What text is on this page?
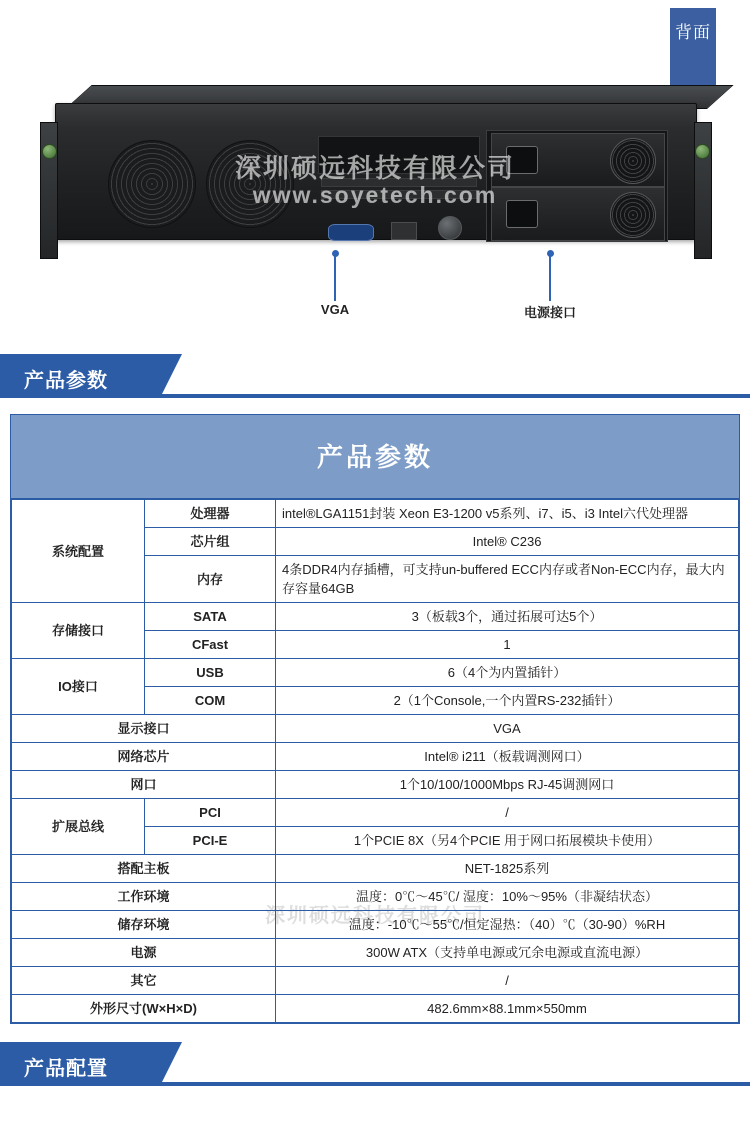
背面
深圳硕远科技有限公司
www.soyetech.com
VGA	电源接口
产品参数
产品参数
深圳硕远科技有限公司
系统配置	处理器	intel®LGA1151封装 Xeon E3-1200 v5系列、i7、i5、i3 Intel六代处理器
	芯片组	Intel® C236
	内存	4条DDR4内存插槽，可支持un-buffered ECC内存或者Non-ECC内存，最大内存容量64GB
存储接口	SATA	3（板载3个，通过拓展可达5个）
	CFast	1
IO接口	USB	6（4个为内置插针）
	COM	2（1个Console,一个内置RS-232插针）
显示接口		VGA
网络芯片		Intel® i211（板载调测网口）
网口		1个10/100/1000Mbps RJ-45调测网口
扩展总线	PCI	/
	PCI-E	1个PCIE 8X（另4个PCIE 用于网口拓展模块卡使用）
搭配主板		NET-1825系列
工作环境		温度：0℃～45℃/ 湿度：10%～95%（非凝结状态）
储存环境		温度：-10℃～55℃/恒定湿热：（40）℃（30-90）%RH
电源		300W ATX（支持单电源或冗余电源或直流电源）
其它		/
外形尺寸(W×H×D)		482.6mm×88.1mm×550mm
产品配置
